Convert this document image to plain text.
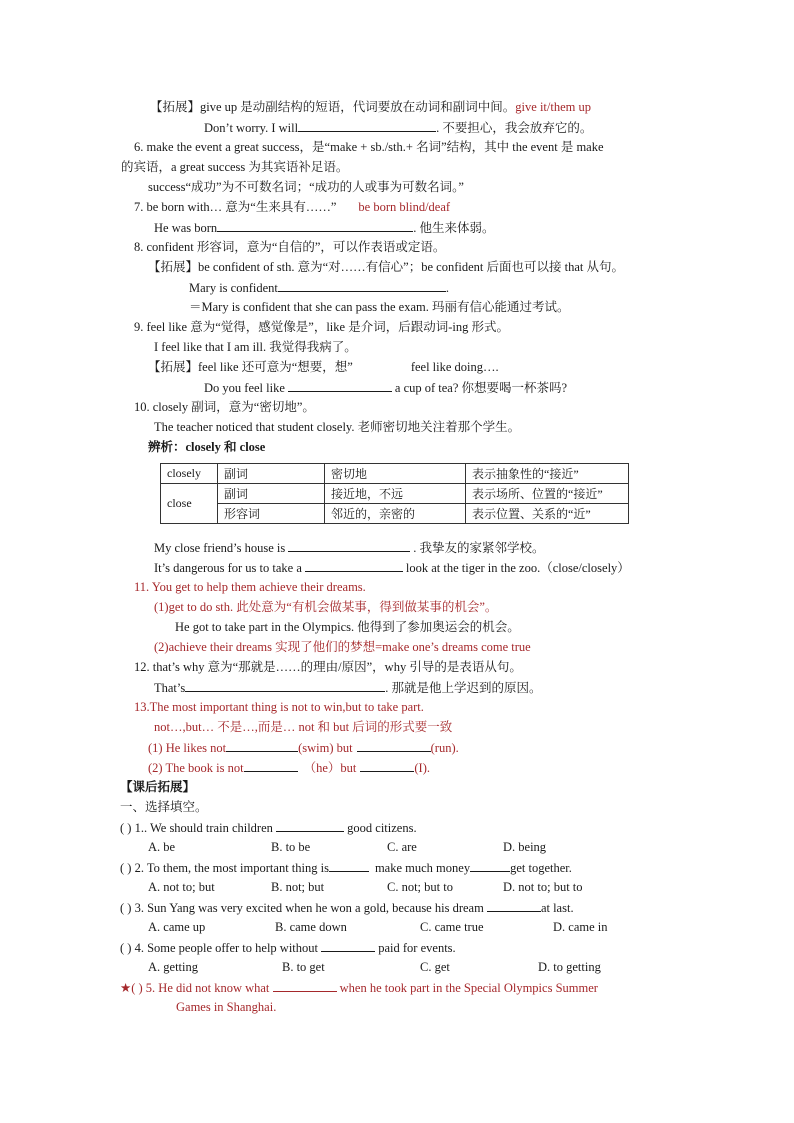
【拓展】give up 是动副结构的短语，代词要放在动词和副词中间。give it/them up
Don’t worry. I will	. 不要担心，我会放弃它的。
6. make the event a great success，是“make + sb./sth.+ 名词”结构，其中 the event 是 make
的宾语，a great success 为其宾语补足语。
success“成功”为不可数名词；“成功的人或事为可数名词。”
7. be born with… 意为“生来具有……” be born blind/deaf
He was born	. 他生来体弱。
8. confident 形容词，意为“自信的”，可以作表语或定语。
【拓展】be confident of sth. 意为“对……有信心”；be confident 后面也可以接 that 从句。
Mary is confident	.
＝Mary is confident that she can pass the exam. 玛丽有信心能通过考试。
9. feel like 意为“觉得，感觉像是”，like 是介词，后跟动词-ing 形式。
I feel like that I am ill. 我觉得我病了。
【拓展】feel like 还可意为“想要，想”	feel like doing….
Do you feel like	a cup of tea? 你想要喝一杯茶吗?
10. closely 副词，意为“密切地”。
The teacher noticed that student closely. 老师密切地关注着那个学生。
辨析：closely 和 close
closely	副词	密切地	表示抽象性的“接近”
close	副词	接近地，不远	表示场所、位置的“接近”
	形容词	邻近的，亲密的	表示位置、关系的“近”
My close friend’s house is	. 我挚友的家紧邻学校。
It’s dangerous for us to take a	look at the tiger in the zoo.（close/closely）
11. You get to help them achieve their dreams.
(1)get to do sth. 此处意为“有机会做某事，得到做某事的机会”。
He got to take part in the Olympics. 他得到了参加奥运会的机会。
(2)achieve their dreams 实现了他们的梦想=make one’s dreams come true
12. that’s why 意为“那就是……的理由/原因”，why 引导的是表语从句。
That’s	. 那就是他上学迟到的原因。
13.The most important thing is not to win,but to take part.
not…,but… 不是…,而是… not 和 but 后词的形式要一致
(1) He likes not	(swim) but	(run).
(2) The book is not	（he）but	(I).
【课后拓展】
一、选择填空。
( ) 1.. We should train children	good citizens.
A. be	B. to be	C. are	D. being
( ) 2. To them, the most important thing is	make much money	get together.
A. not to; but	B. not; but	C. not; but to	D. not to; but to
( ) 3. Sun Yang was very excited when he won a gold, because his dream	at last.
A. came up	B. came down	C. came true	D. came in
( ) 4. Some people offer to help without	paid for events.
A. getting	B. to get	C. get	D. to getting
★( ) 5. He did not know what	when he took part in the Special Olympics Summer
Games in Shanghai.
